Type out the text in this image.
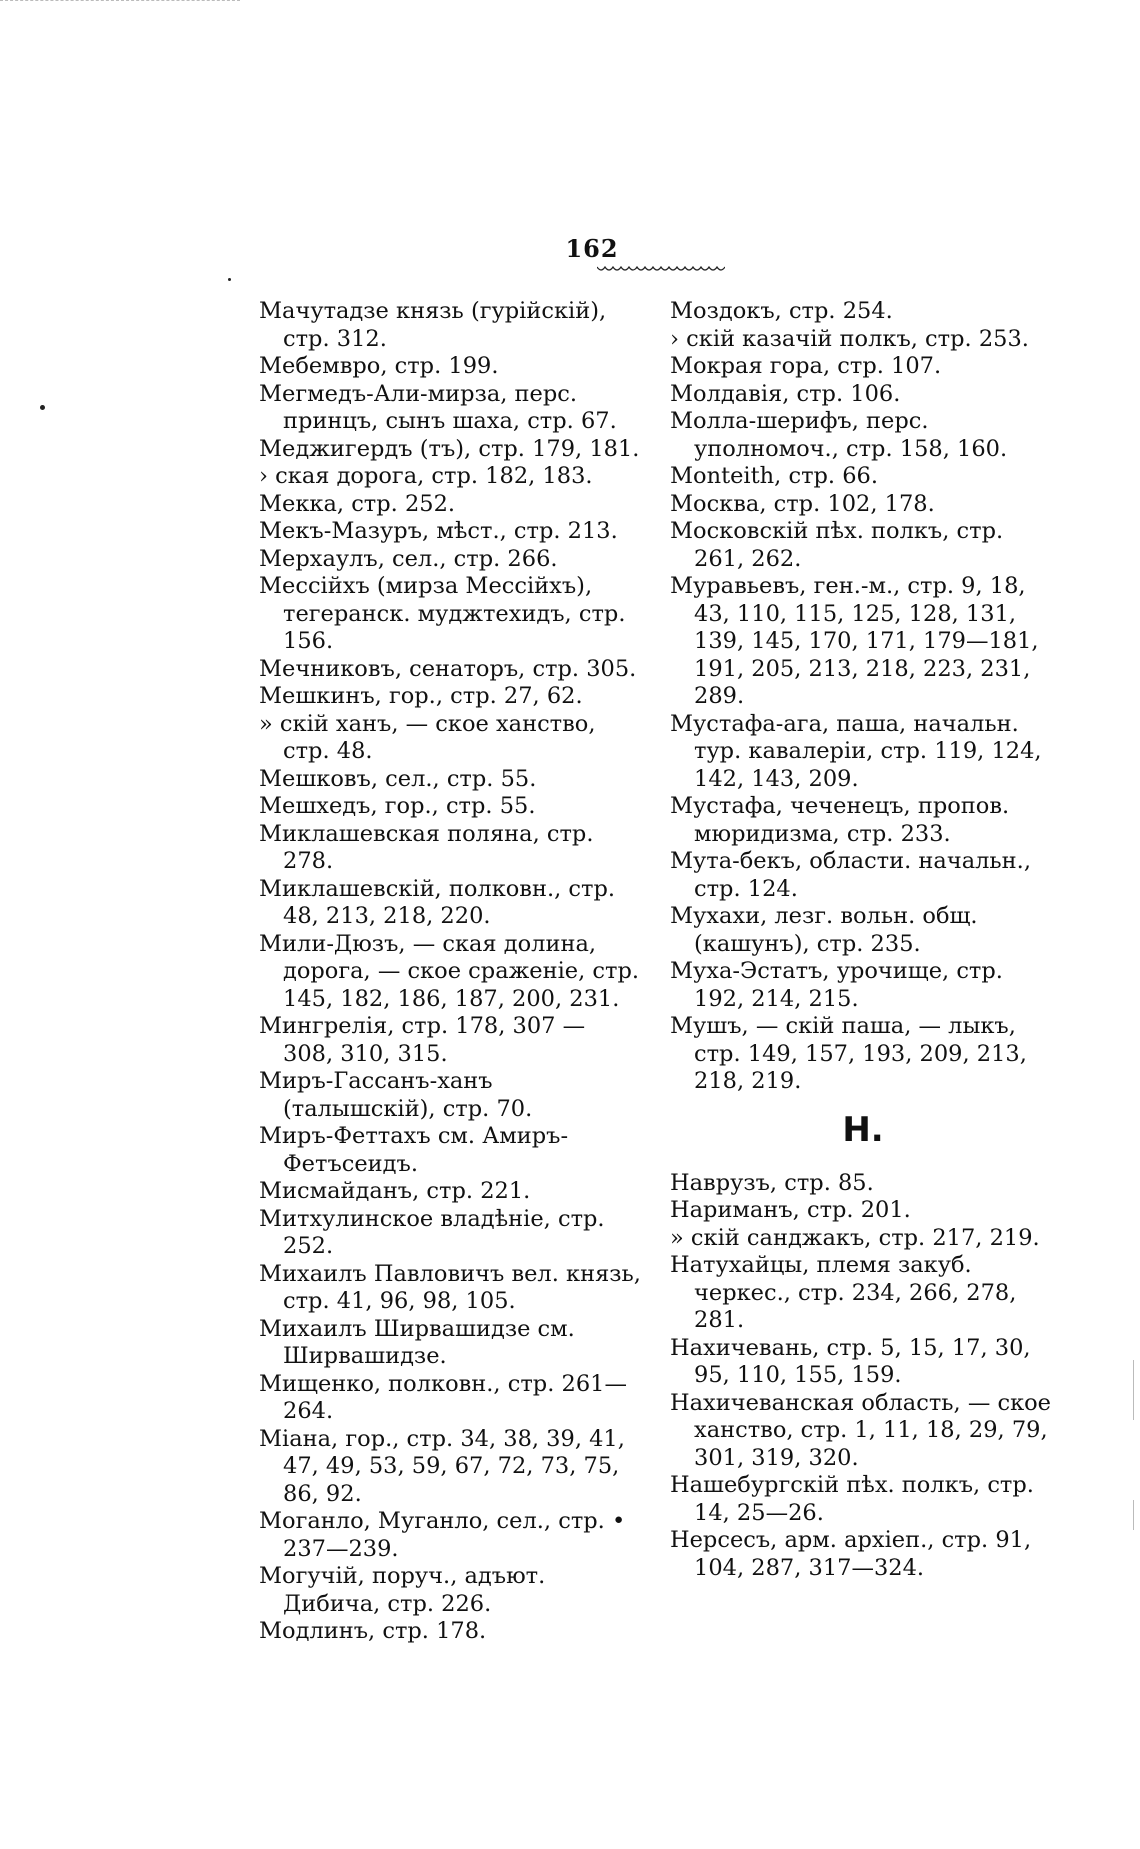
162
Мачутадзе князь (гурійскій), стр. 312.
Мебемвро, стр. 199.
Мегмедъ-Али-мирза, перс. принцъ, сынъ шаха, стр. 67.
Меджигердъ (тъ), стр. 179, 181.
› ская дорога, стр. 182, 183.
Мекка, стр. 252.
Мекъ-Мазуръ, мѣст., стр. 213.
Мерхаулъ, сел., стр. 266.
Мессійхъ (мирза Мессійхъ), тегеранск. муджтехидъ, стр. 156.
Мечниковъ, сенаторъ, стр. 305.
Мешкинъ, гор., стр. 27, 62.
» скій ханъ, — ское ханство, стр. 48.
Мешковъ, сел., стр. 55.
Мешхедъ, гор., стр. 55.
Миклашевская поляна, стр. 278.
Миклашевскій, полковн., стр. 48, 213, 218, 220.
Мили-Дюзъ, — ская долина, дорога, — ское сраженіе, стр. 145, 182, 186, 187, 200, 231.
Мингрелія, стр. 178, 307 — 308, 310, 315.
Миръ-Гассанъ-ханъ (талышскій), стр. 70.
Миръ-Феттахъ см. Амиръ-Фетъсеидъ.
Мисмайданъ, стр. 221.
Митхулинское владѣніе, стр. 252.
Михаилъ Павловичъ вел. князь, стр. 41, 96, 98, 105.
Михаилъ Ширвашидзе см. Ширвашидзе.
Мищенко, полковн., стр. 261— 264.
Міана, гор., стр. 34, 38, 39, 41, 47, 49, 53, 59, 67, 72, 73, 75, 86, 92.
Моганло, Муганло, сел., стр. • 237—239.
Могучій, поруч., адъют. Дибича, стр. 226.
Модлинъ, стр. 178.
Моздокъ, стр. 254.
› скій казачій полкъ, стр. 253.
Мокрая гора, стр. 107.
Молдавія, стр. 106.
Молла-шерифъ, перс. уполномоч., стр. 158, 160.
Monteith, стр. 66.
Москва, стр. 102, 178.
Московскій пѣх. полкъ, стр. 261, 262.
Муравьевъ, ген.-м., стр. 9, 18, 43, 110, 115, 125, 128, 131, 139, 145, 170, 171, 179—181, 191, 205, 213, 218, 223, 231, 289.
Мустафа-ага, паша, начальн. тур. кавалеріи, стр. 119, 124, 142, 143, 209.
Мустафа, чеченецъ, пропов. мюридизма, стр. 233.
Мута-бекъ, области. начальн., стр. 124.
Мухахи, лезг. вольн. общ. (кашунъ), стр. 235.
Муха-Эстатъ, урочище, стр. 192, 214, 215.
Мушъ, — скій паша, — лыкъ, стр. 149, 157, 193, 209, 213, 218, 219.
Н.
Наврузъ, стр. 85.
Нариманъ, стр. 201.
» скій санджакъ, стр. 217, 219.
Натухайцы, племя закуб. черкес., стр. 234, 266, 278, 281.
Нахичевань, стр. 5, 15, 17, 30, 95, 110, 155, 159.
Нахичеванская область, — ское ханство, стр. 1, 11, 18, 29, 79, 301, 319, 320.
Нашебургскій пѣх. полкъ, стр. 14, 25—26.
Нерсесъ, арм. архіеп., стр. 91, 104, 287, 317—324.
